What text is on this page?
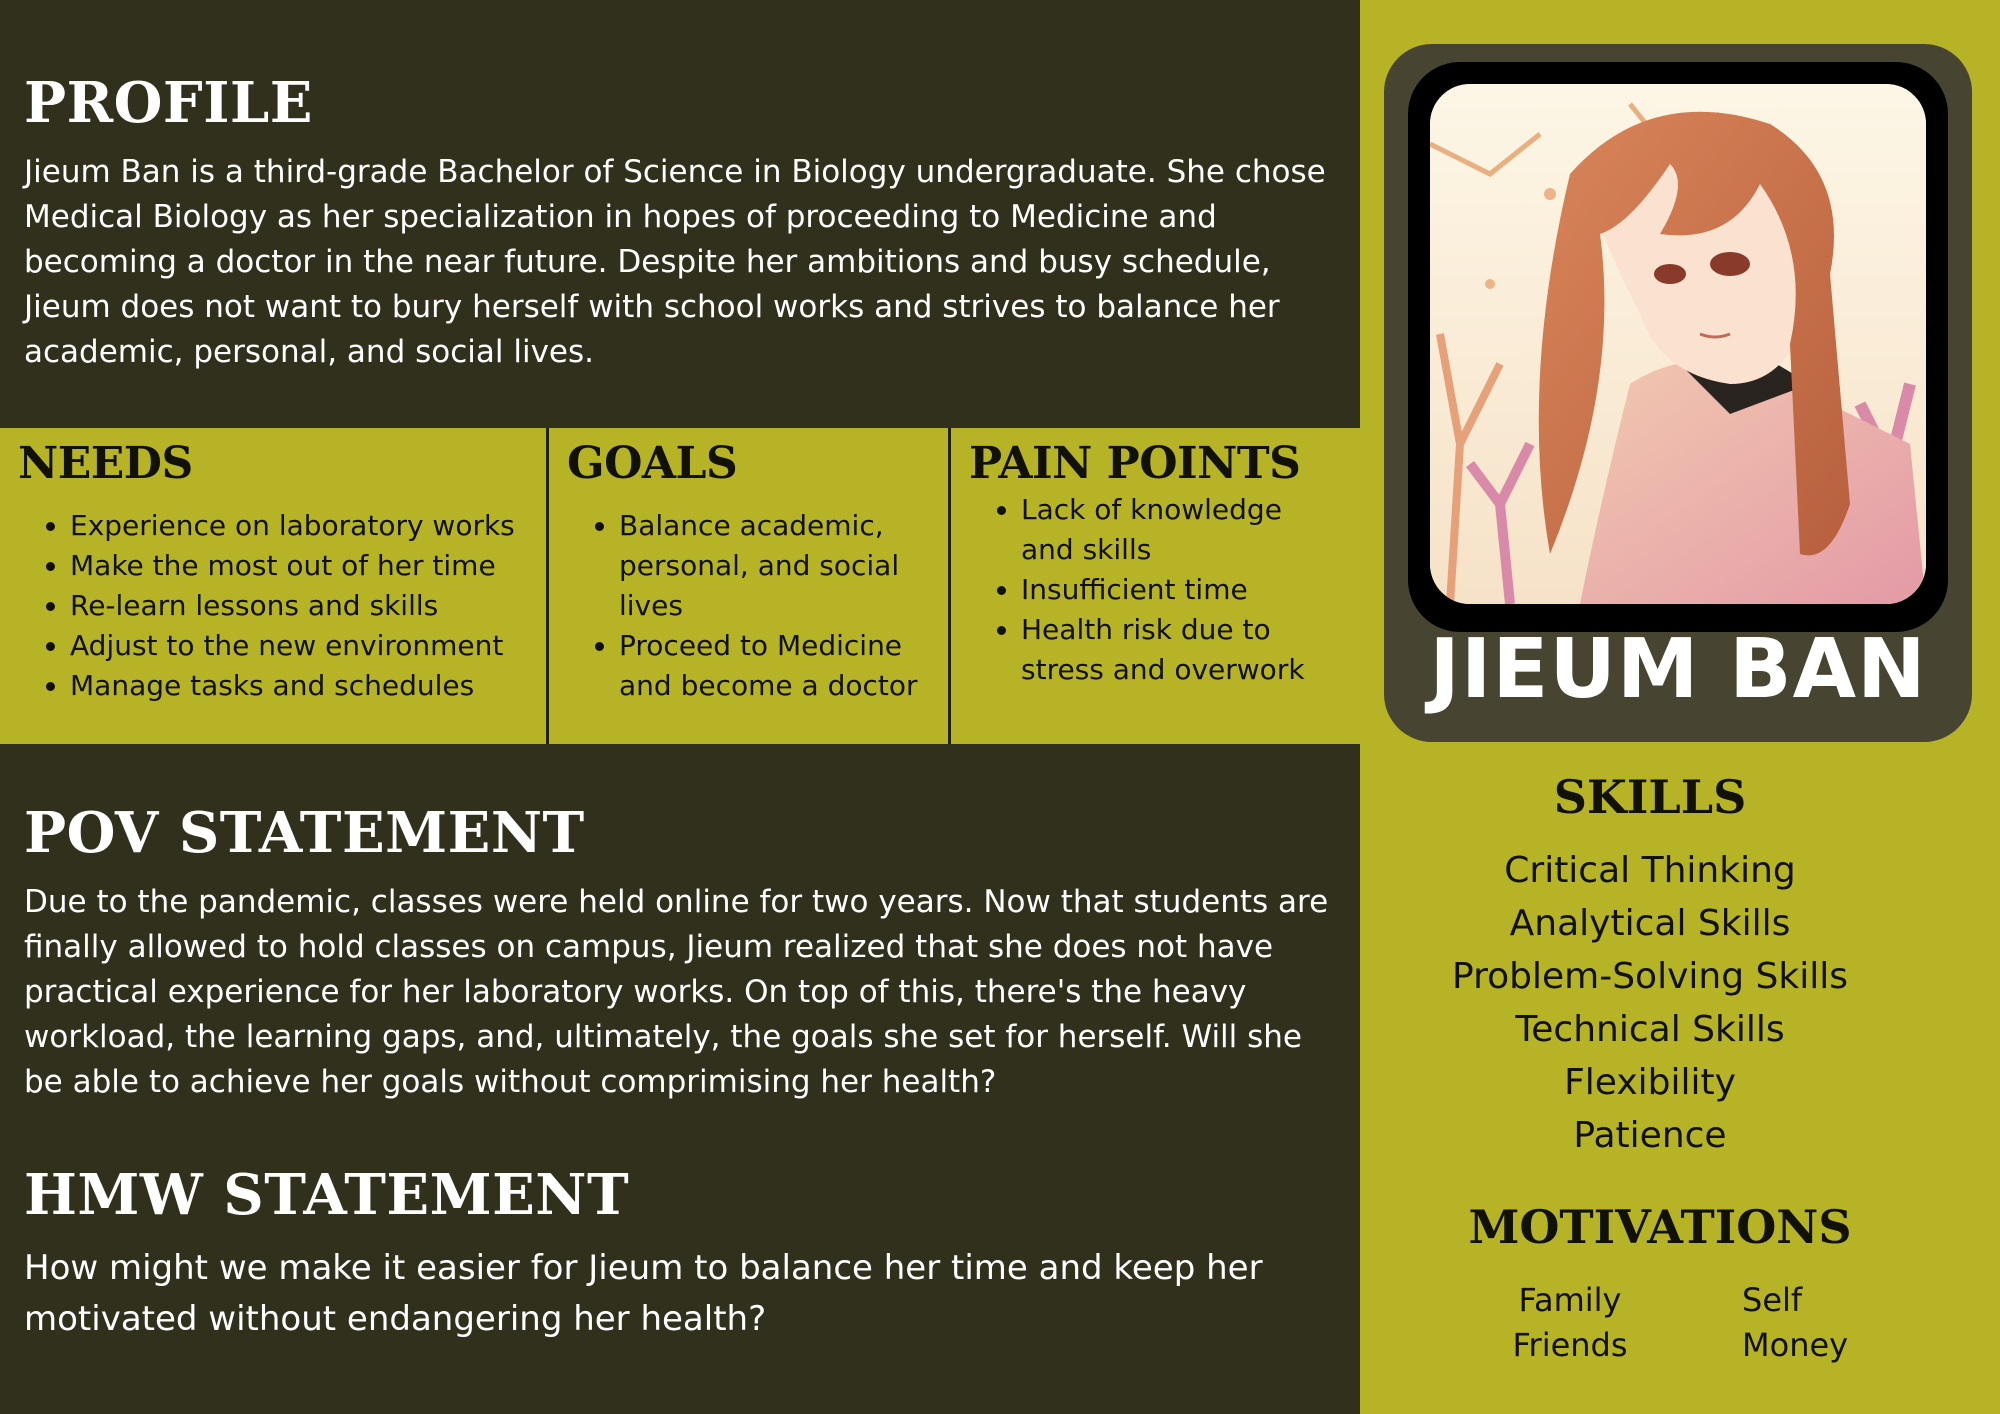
PROFILE

Jieum Ban is a third-grade Bachelor of Science in Biology undergraduate. She chose Medical Biology as her specialization in hopes of proceeding to Medicine and becoming a doctor in the near future. Despite her ambitions and busy schedule, Jieum does not want to bury herself with school works and strives to balance her academic, personal, and social lives.

NEEDS
• Experience on laboratory works
• Make the most out of her time
• Re-learn lessons and skills
• Adjust to the new environment
• Manage tasks and schedules
GOALS
• Balance academic, personal, and social lives
• Proceed to Medicine and become a doctor
PAIN POINTS
• Lack of knowledge and skills
• Insufficient time
• Health risk due to stress and overwork
POV STATEMENT

Due to the pandemic, classes were held online for two years. Now that students are finally allowed to hold classes on campus, Jieum realized that she does not have practical experience for her laboratory works. On top of this, there's the heavy workload, the learning gaps, and, ultimately, the goals she set for herself. Will she be able to achieve her goals without comprimising her health?

HMW STATEMENT

How might we make it easier for Jieum to balance her time and keep her motivated without endangering her health?

JIEUM BAN
SKILLS
Critical Thinking
Analytical Skills
Problem-Solving Skills
Technical Skills
Flexibility
Patience
MOTIVATIONS
Family
Friends
Self
Money
